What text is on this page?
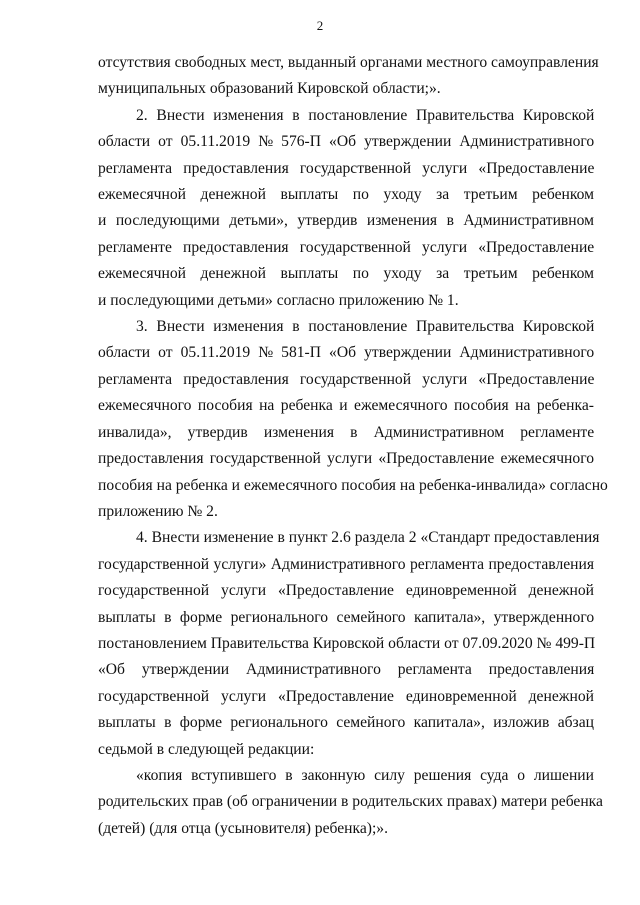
2
отсутствия свободных мест, выданный органами местного самоуправления
муниципальных образований Кировской области;».
2. Внести изменения в постановление Правительства Кировской
области от 05.11.2019 № 576-П «Об утверждении Административного
регламента предоставления государственной услуги «Предоставление
ежемесячной денежной выплаты по уходу за третьим ребенком
и последующими детьми», утвердив изменения в Административном
регламенте предоставления государственной услуги «Предоставление
ежемесячной денежной выплаты по уходу за третьим ребенком
и последующими детьми» согласно приложению № 1.
3. Внести изменения в постановление Правительства Кировской
области от 05.11.2019 № 581-П «Об утверждении Административного
регламента предоставления государственной услуги «Предоставление
ежемесячного пособия на ребенка и ежемесячного пособия на ребенка-
инвалида», утвердив изменения в Административном регламенте
предоставления государственной услуги «Предоставление ежемесячного
пособия на ребенка и ежемесячного пособия на ребенка-инвалида» согласно
приложению № 2.
4. Внести изменение в пункт 2.6 раздела 2 «Стандарт предоставления
государственной услуги» Административного регламента предоставления
государственной услуги «Предоставление единовременной денежной
выплаты в форме регионального семейного капитала», утвержденного
постановлением Правительства Кировской области от 07.09.2020 № 499-П
«Об утверждении Административного регламента предоставления
государственной услуги «Предоставление единовременной денежной
выплаты в форме регионального семейного капитала», изложив абзац
седьмой в следующей редакции:
«копия вступившего в законную силу решения суда о лишении
родительских прав (об ограничении в родительских правах) матери ребенка
(детей) (для отца (усыновителя) ребенка);».
